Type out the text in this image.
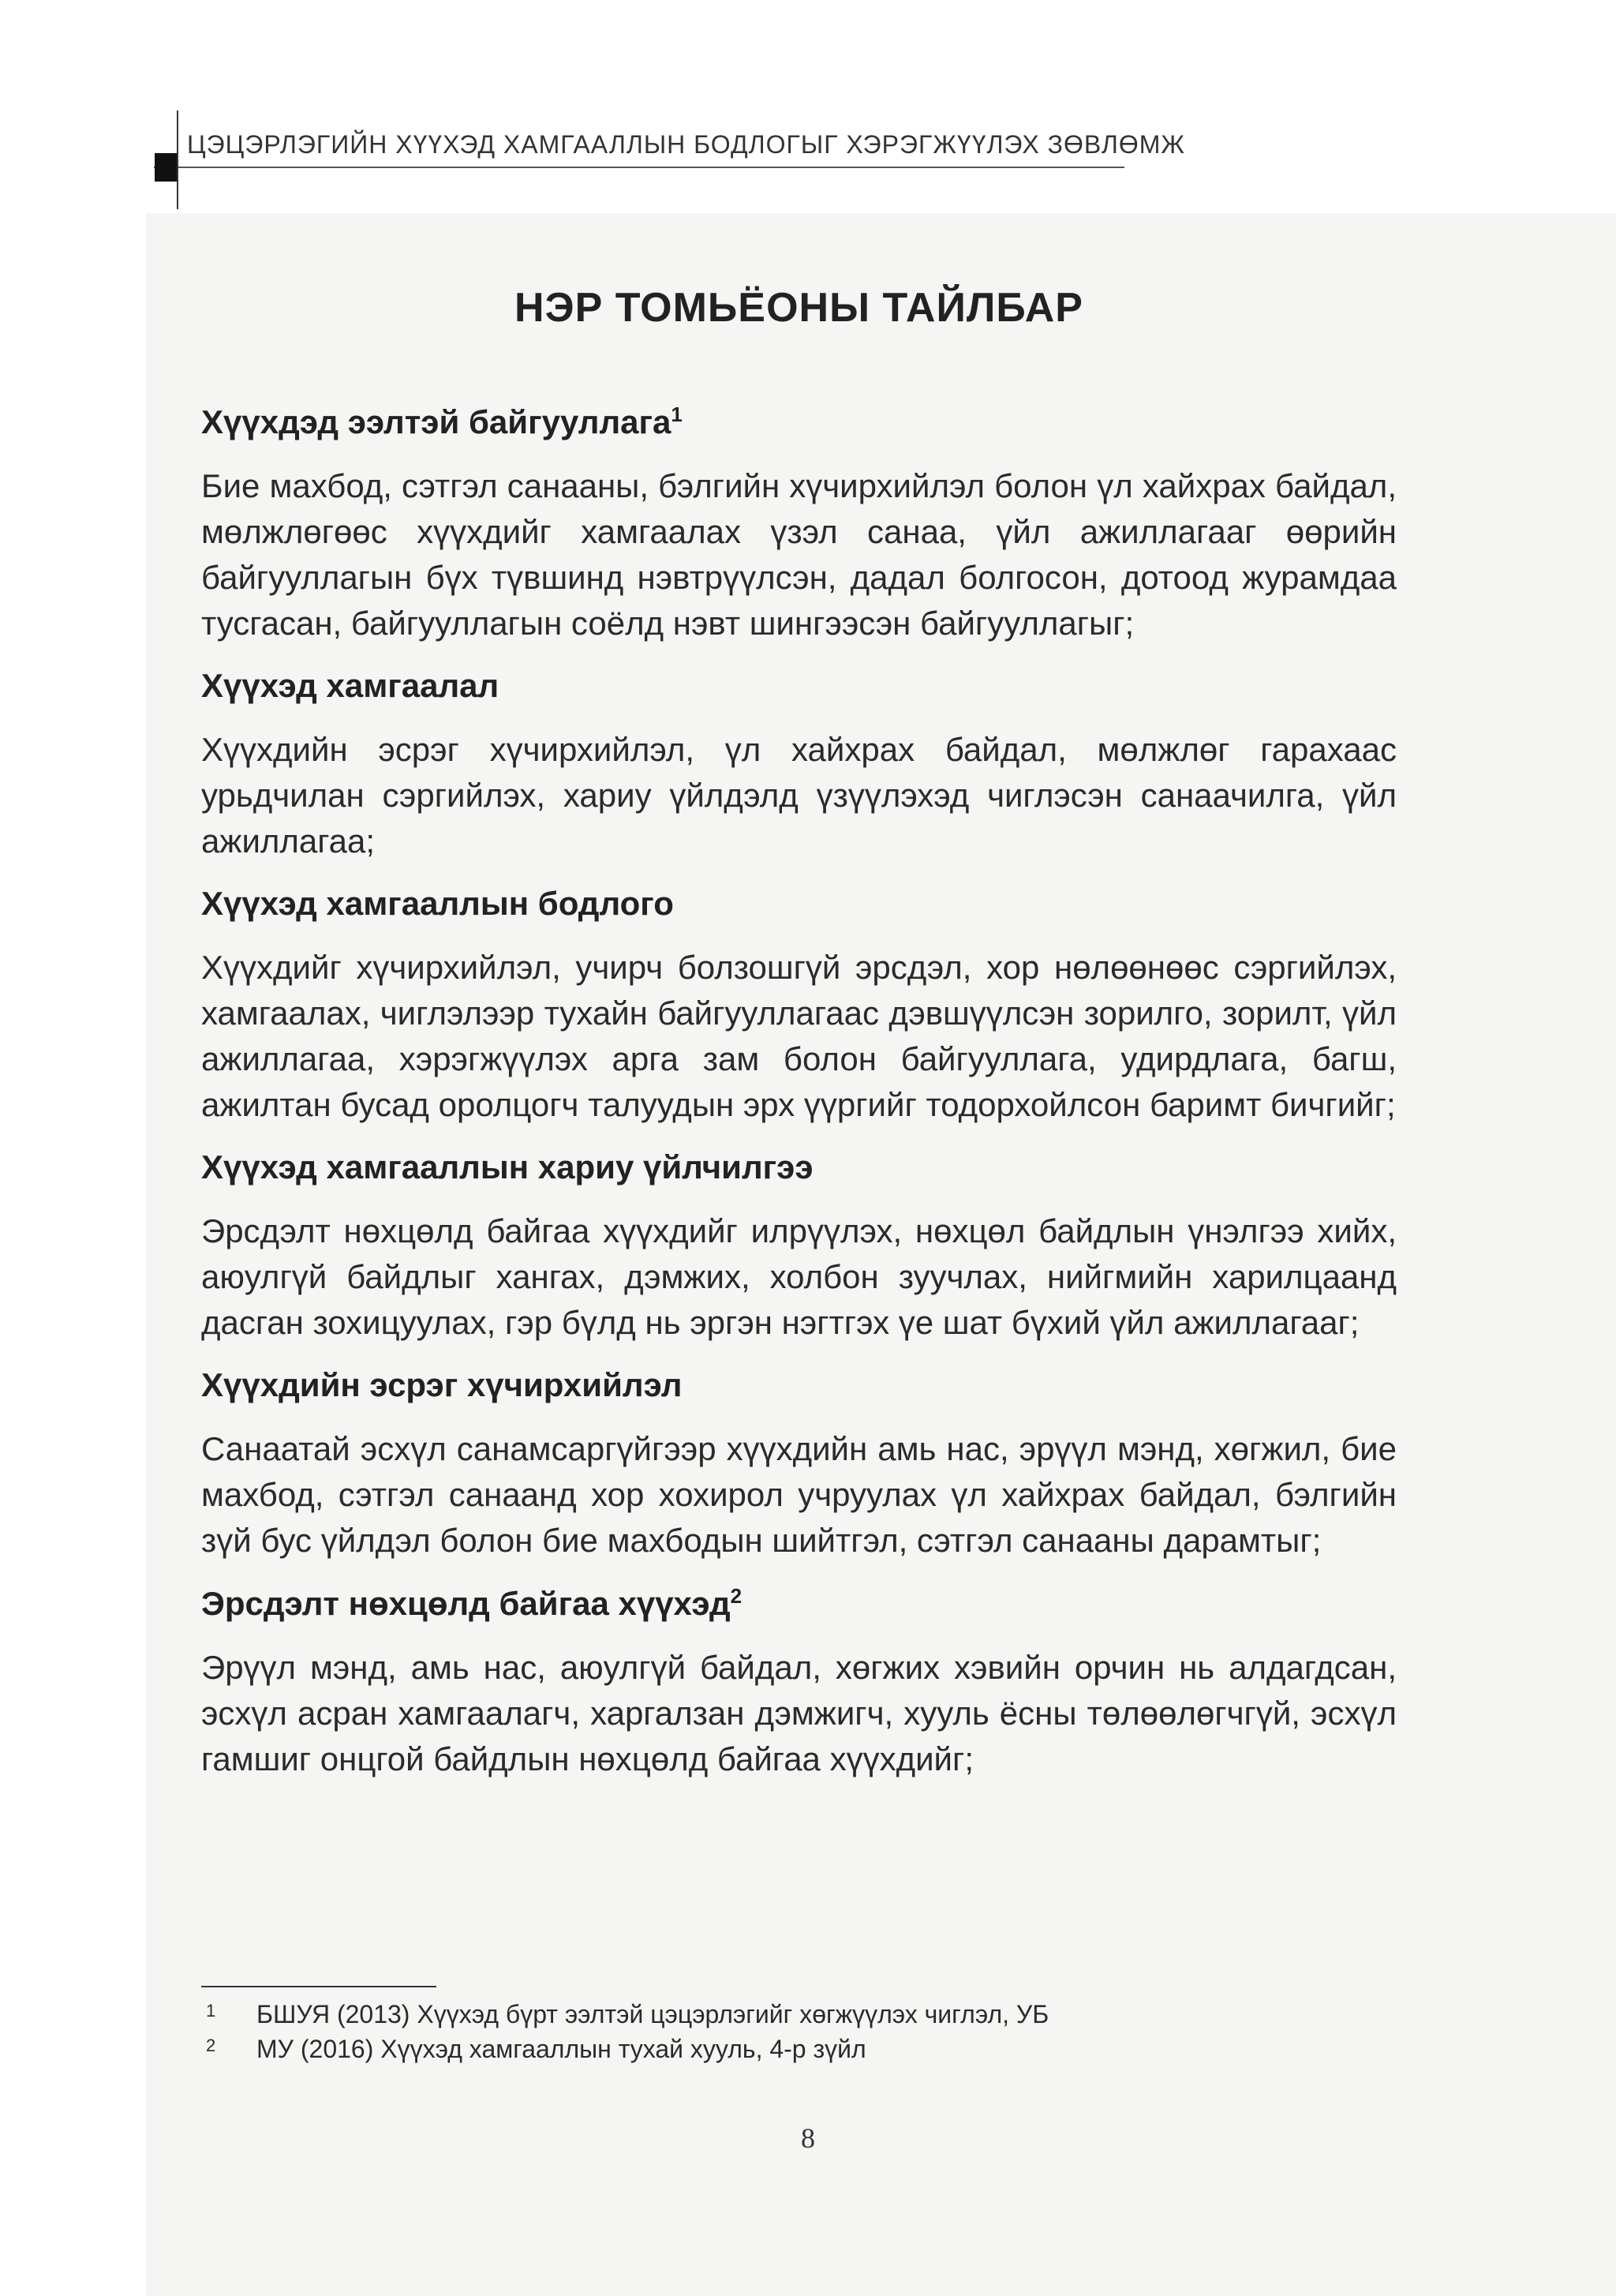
ЦЭЦЭРЛЭГИЙН ХҮҮХЭД ХАМГААЛЛЫН БОДЛОГЫГ ХЭРЭГЖҮҮЛЭХ ЗӨВЛӨМЖ
НЭР ТОМЬЁОНЫ ТАЙЛБАР
Хүүхдэд ээлтэй байгууллага$^1$

Бие махбод, сэтгэл санааны, бэлгийн хүчирхийлэл болон үл хайхрах байдал, мөлжлөгөөс хүүхдийг хамгаалах үзэл санаа, үйл ажиллагааг өөрийн байгууллагын бүх түвшинд нэвтрүүлсэн, дадал болгосон, дотоод журамдаа тусгасан, байгууллагын соёлд нэвт шингээсэн байгууллагыг;

Хүүхэд хамгаалал

Хүүхдийн эсрэг хүчирхийлэл, үл хайхрах байдал, мөлжлөг гарахаас урьдчилан сэргийлэх, хариу үйлдэлд үзүүлэхэд чиглэсэн санаачилга, үйл ажиллагаа;

Хүүхэд хамгааллын бодлого

Хүүхдийг хүчирхийлэл, учирч болзошгүй эрсдэл, хор нөлөөнөөс сэргийлэх, хамгаалах, чиглэлээр тухайн байгууллагаас дэвшүүлсэн зорилго, зорилт, үйл ажиллагаа, хэрэгжүүлэх арга зам болон байгууллага, удирдлага, багш, ажилтан бусад оролцогч талуудын эрх үүргийг тодорхойлсон баримт бичгийг;

Хүүхэд хамгааллын хариу үйлчилгээ

Эрсдэлт нөхцөлд байгаа хүүхдийг илрүүлэх, нөхцөл байдлын үнэлгээ хийх, аюулгүй байдлыг хангах, дэмжих, холбон зуучлах, нийгмийн харилцаанд дасган зохицуулах, гэр бүлд нь эргэн нэгтгэх үе шат бүхий үйл ажиллагааг;

Хүүхдийн эсрэг хүчирхийлэл

Санаатай эсхүл санамсаргүйгээр хүүхдийн амь нас, эрүүл мэнд, хөгжил, бие махбод, сэтгэл санаанд хор хохирол учруулах үл хайхрах байдал, бэлгийн зүй бус үйлдэл болон бие махбодын шийтгэл, сэтгэл санааны дарамтыг;

Эрсдэлт нөхцөлд байгаа хүүхэд$^2$

Эрүүл мэнд, амь нас, аюулгүй байдал, хөгжих хэвийн орчин нь алдагдсан, эсхүл асран хамгаалагч, харгалзан дэмжигч, хууль ёсны төлөөлөгчгүй, эсхүл гамшиг онцгой байдлын нөхцөлд байгаа хүүхдийг;

1 БШУЯ (2013) Хүүхэд бүрт ээлтэй цэцэрлэгийг хөгжүүлэх чиглэл, УБ
2 МУ (2016) Хүүхэд хамгааллын тухай хууль, 4-р зүйл
8
